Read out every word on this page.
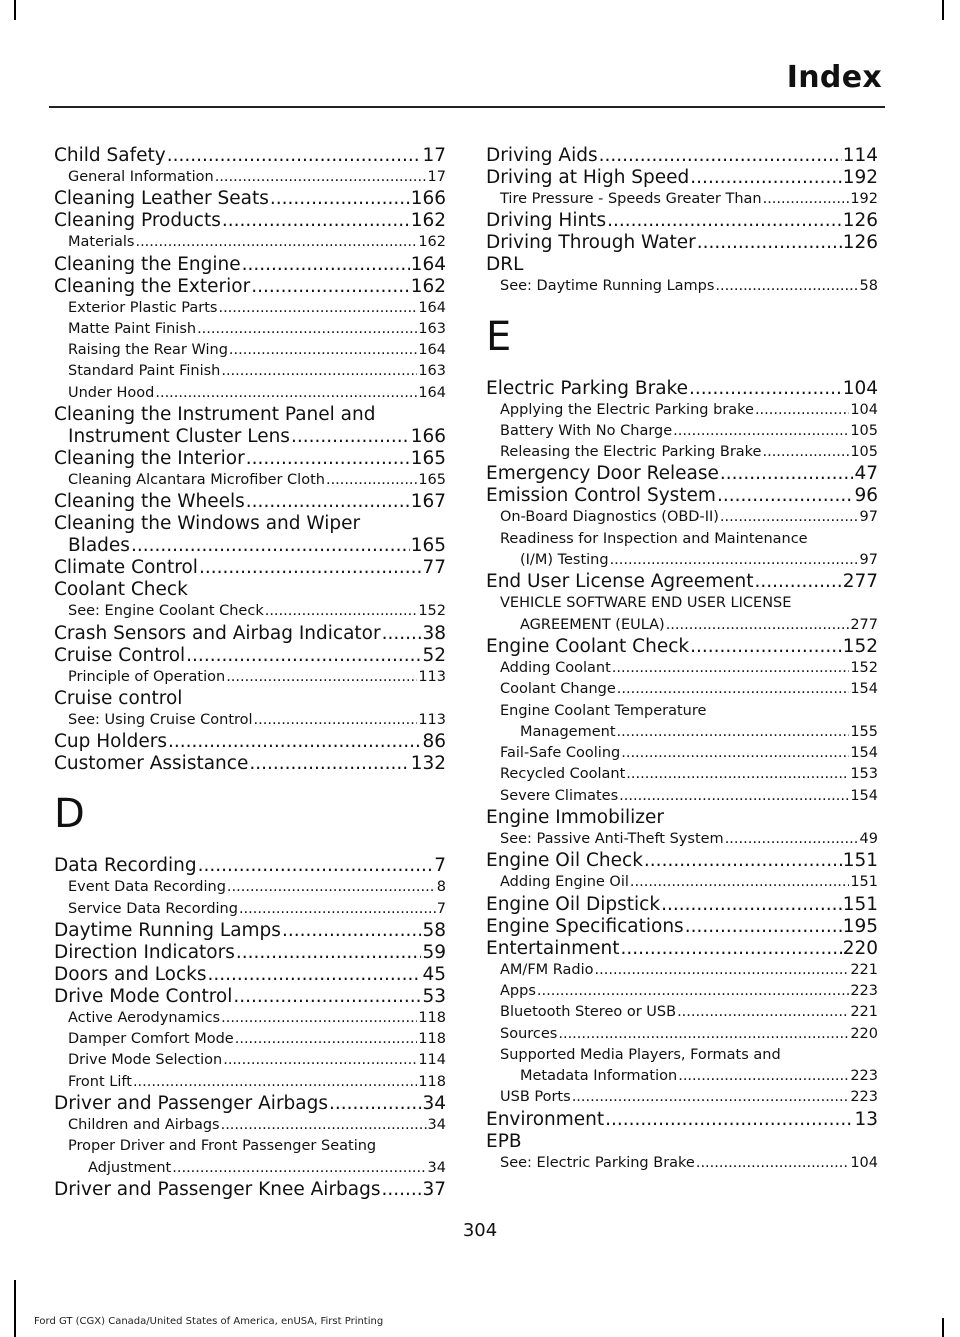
Index
Child Safety .....	17
General Information .....	17
Cleaning Leather Seats .....	166
Cleaning Products .....	162
Materials .....	162
Cleaning the Engine .....	164
Cleaning the Exterior .....	162
Exterior Plastic Parts .....	164
Matte Paint Finish .....	163
Raising the Rear Wing .....	164
Standard Paint Finish .....	163
Under Hood .....	164
Cleaning the Instrument Panel and
Instrument Cluster Lens .....	166
Cleaning the Interior .....	165
Cleaning Alcantara Microfiber Cloth .....	165
Cleaning the Wheels .....	167
Cleaning the Windows and Wiper
Blades .....	165
Climate Control .....	77
Coolant Check
See: Engine Coolant Check .....	152
Crash Sensors and Airbag Indicator ..... 38
Cruise Control .....	52
Principle of Operation .....	113
Cruise control
See: Using Cruise Control .....	113
Cup Holders .....	86
Customer Assistance .....	132
D
Data Recording .....	7
Event Data Recording .....	8
Service Data Recording .....	7
Daytime Running Lamps .....	58
Direction Indicators .....	59
Doors and Locks .....	45
Drive Mode Control .....	53
Active Aerodynamics .....	118
Damper Comfort Mode .....	118
Drive Mode Selection .....	114
Front Lift .....	118
Driver and Passenger Airbags .....	34
Children and Airbags .....	34
Proper Driver and Front Passenger Seating
Adjustment .....	34
Driver and Passenger Knee Airbags ..... 37
Driving Aids .....	114
Driving at High Speed .....	192
Tire Pressure - Speeds Greater Than .....	192
Driving Hints .....	126
Driving Through Water .....	126
DRL
See: Daytime Running Lamps .....	58
E
Electric Parking Brake .....	104
Applying the Electric Parking brake .....	104
Battery With No Charge .....	105
Releasing the Electric Parking Brake .....	105
Emergency Door Release .....	47
Emission Control System .....	96
On-Board Diagnostics (OBD-II) .....	97
Readiness for Inspection and Maintenance
(I/M) Testing .....	97
End User License Agreement .....	277
VEHICLE SOFTWARE END USER LICENSE
AGREEMENT (EULA) .....	277
Engine Coolant Check .....	152
Adding Coolant .....	152
Coolant Change .....	154
Engine Coolant Temperature
Management .....	155
Fail-Safe Cooling .....	154
Recycled Coolant .....	153
Severe Climates .....	154
Engine Immobilizer
See: Passive Anti-Theft System .....	49
Engine Oil Check .....	151
Adding Engine Oil .....	151
Engine Oil Dipstick .....	151
Engine Specifications .....	195
Entertainment .....	220
AM/FM Radio .....	221
Apps .....	223
Bluetooth Stereo or USB .....	221
Sources .....	220
Supported Media Players, Formats and
Metadata Information .....	223
USB Ports .....	223
Environment .....	13
EPB
See: Electric Parking Brake .....	104
304
Ford GT (CGX) Canada/United States of America, enUSA, First Printing
